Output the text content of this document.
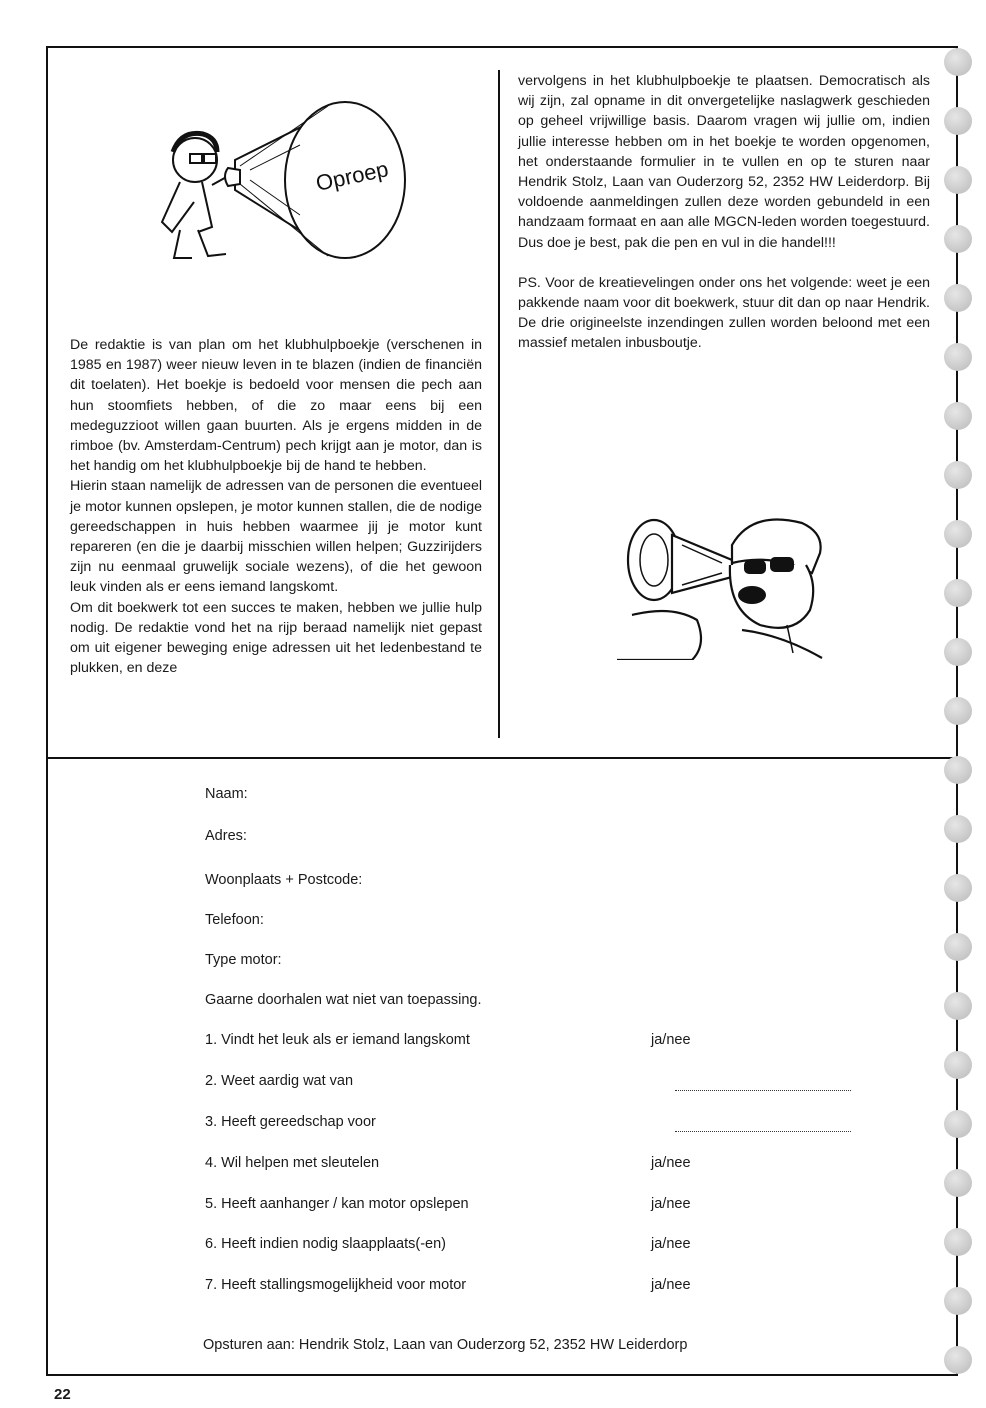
Oproep

De redaktie is van plan om het klubhulpboekje (verschenen in 1985 en 1987) weer nieuw leven in te blazen (indien de financiën dit toelaten). Het boekje is bedoeld voor mensen die pech aan hun stoomfiets hebben, of die zo maar eens bij een medeguzzioot willen gaan buurten. Als je ergens midden in de rimboe (bv. Amsterdam-Centrum) pech krijgt aan je motor, dan is het handig om het klubhulpboekje bij de hand te hebben.

Hierin staan namelijk de adressen van de personen die eventueel je motor kunnen opslepen, je motor kunnen stallen, die de nodige gereedschappen in huis hebben waarmee jij je motor kunt repareren (en die je daarbij misschien willen helpen; Guzzirijders zijn nu eenmaal gruwelijk sociale wezens), of die het gewoon leuk vinden als er eens iemand langskomt.

Om dit boekwerk tot een succes te maken, hebben we jullie hulp nodig. De redaktie vond het na rijp beraad namelijk niet gepast om uit eigener beweging enige adressen uit het ledenbestand te plukken, en deze

vervolgens in het klubhulpboekje te plaatsen. Democratisch als wij zijn, zal opname in dit onvergetelijke naslagwerk geschieden op geheel vrijwillige basis. Daarom vragen wij jullie om, indien jullie interesse hebben om in het boekje te worden opgenomen, het onderstaande formulier in te vullen en op te sturen naar Hendrik Stolz, Laan van Ouderzorg 52, 2352 HW Leiderdorp. Bij voldoende aanmeldingen zullen deze worden gebundeld in een handzaam formaat en aan alle MGCN-leden worden toegestuurd. Dus doe je best, pak die pen en vul in die handel!!!

PS. Voor de kreatievelingen onder ons het volgende: weet je een pakkende naam voor dit boekwerk, stuur dit dan op naar Hendrik. De drie origineelste inzendingen zullen worden beloond met een massief metalen inbusboutje.

Naam:
Adres:
Woonplaats + Postcode:
Telefoon:
Type motor:
Gaarne doorhalen wat niet van toepassing.
1. Vindt het leuk als er iemand langskomt	ja/nee
2. Weet aardig wat van
3. Heeft gereedschap voor
4. Wil helpen met sleutelen	ja/nee
5. Heeft aanhanger / kan motor opslepen	ja/nee
6. Heeft indien nodig slaapplaats(-en)	ja/nee
7. Heeft stallingsmogelijkheid voor motor	ja/nee
Opsturen aan: Hendrik Stolz, Laan van Ouderzorg 52, 2352 HW Leiderdorp
22
